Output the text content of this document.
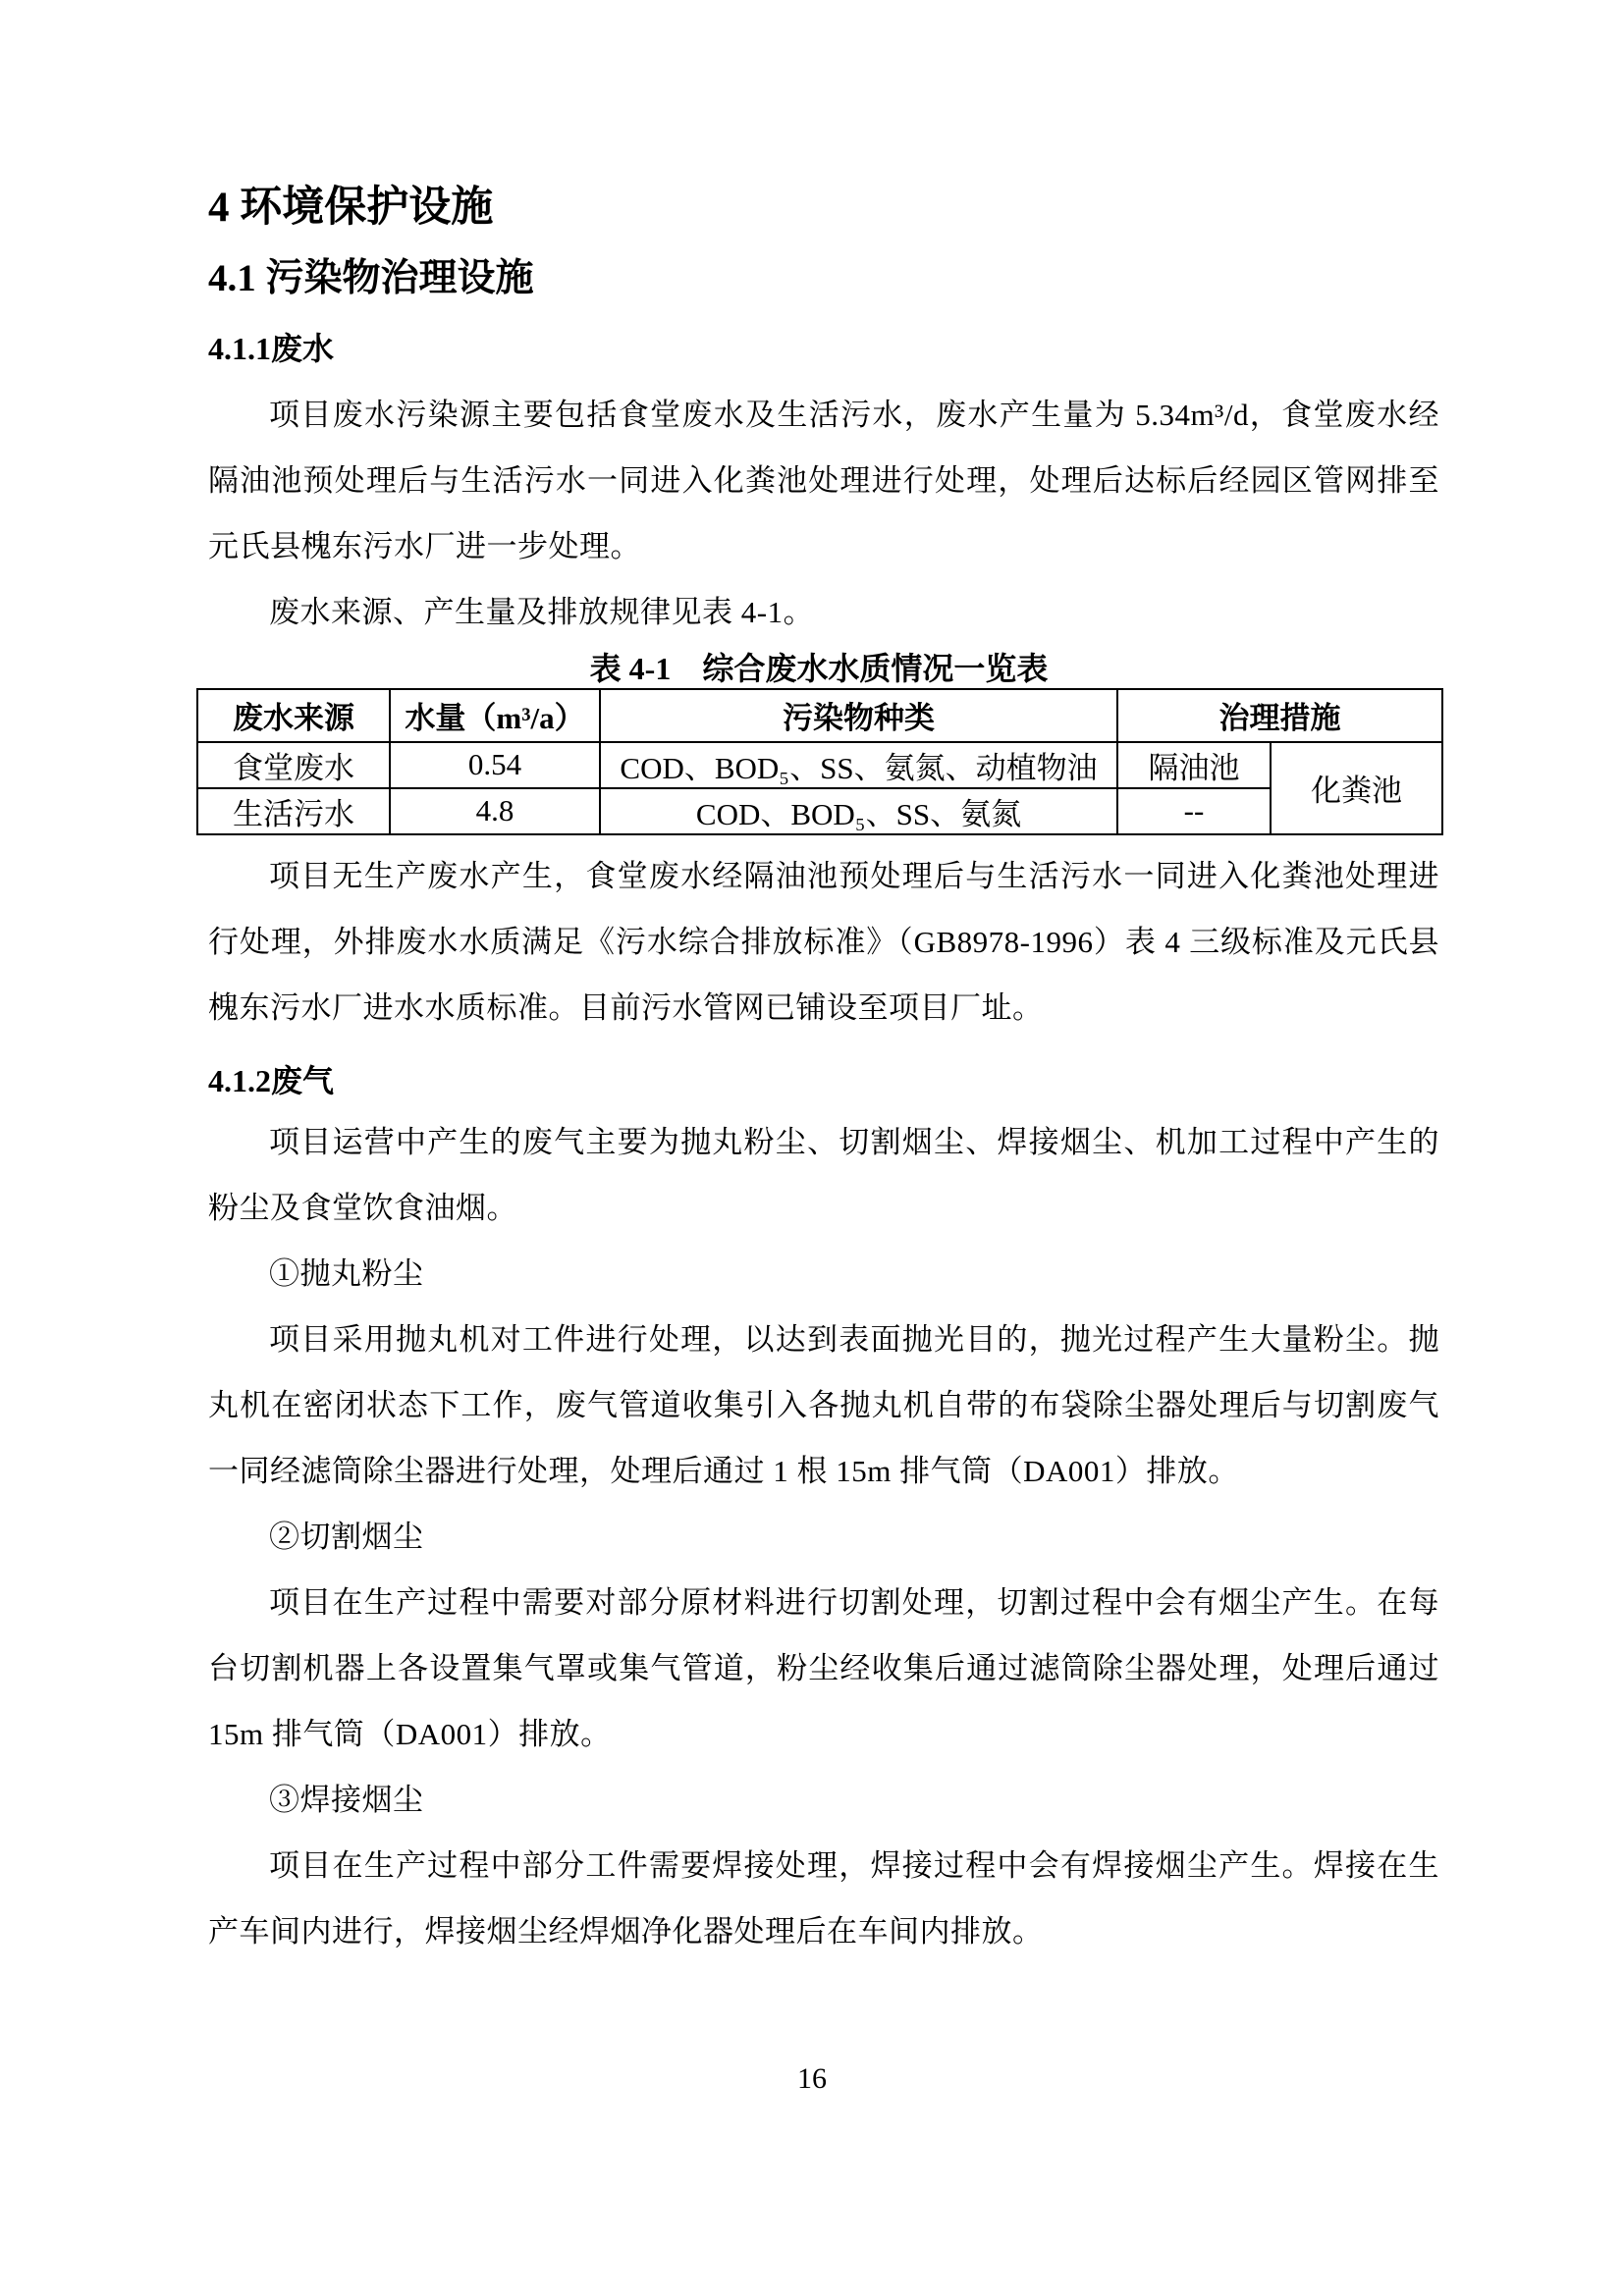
4 环境保护设施
4.1 污染物治理设施
4.1.1废水

项目废水污染源主要包括食堂废水及生活污水，废水产生量为 5.34m³/d，食堂废水经隔油池预处理后与生活污水一同进入化粪池处理进行处理，处理后达标后经园区管网排至元氏县槐东污水厂进一步处理。

废水来源、产生量及排放规律见表 4-1。

表 4-1　综合废水水质情况一览表
废水来源	水量（m³/a）	污染物种类	治理措施	
食堂废水	0.54	COD、BOD₅、SS、氨氮、动植物油	隔油池	化粪池
生活污水	4.8	COD、BOD₅、SS、氨氮	--	

项目无生产废水产生，食堂废水经隔油池预处理后与生活污水一同进入化粪池处理进行处理，外排废水水质满足《污水综合排放标准》（GB8978-1996）表 4 三级标准及元氏县槐东污水厂进水水质标准。目前污水管网已铺设至项目厂址。

4.1.2废气

项目运营中产生的废气主要为抛丸粉尘、切割烟尘、焊接烟尘、机加工过程中产生的粉尘及食堂饮食油烟。

①抛丸粉尘

项目采用抛丸机对工件进行处理，以达到表面抛光目的，抛光过程产生大量粉尘。抛丸机在密闭状态下工作，废气管道收集引入各抛丸机自带的布袋除尘器处理后与切割废气一同经滤筒除尘器进行处理，处理后通过 1 根 15m 排气筒（DA001）排放。

②切割烟尘

项目在生产过程中需要对部分原材料进行切割处理，切割过程中会有烟尘产生。在每台切割机器上各设置集气罩或集气管道，粉尘经收集后通过滤筒除尘器处理，处理后通过 15m 排气筒（DA001）排放。

③焊接烟尘

项目在生产过程中部分工件需要焊接处理，焊接过程中会有焊接烟尘产生。焊接在生产车间内进行，焊接烟尘经焊烟净化器处理后在车间内排放。

16
